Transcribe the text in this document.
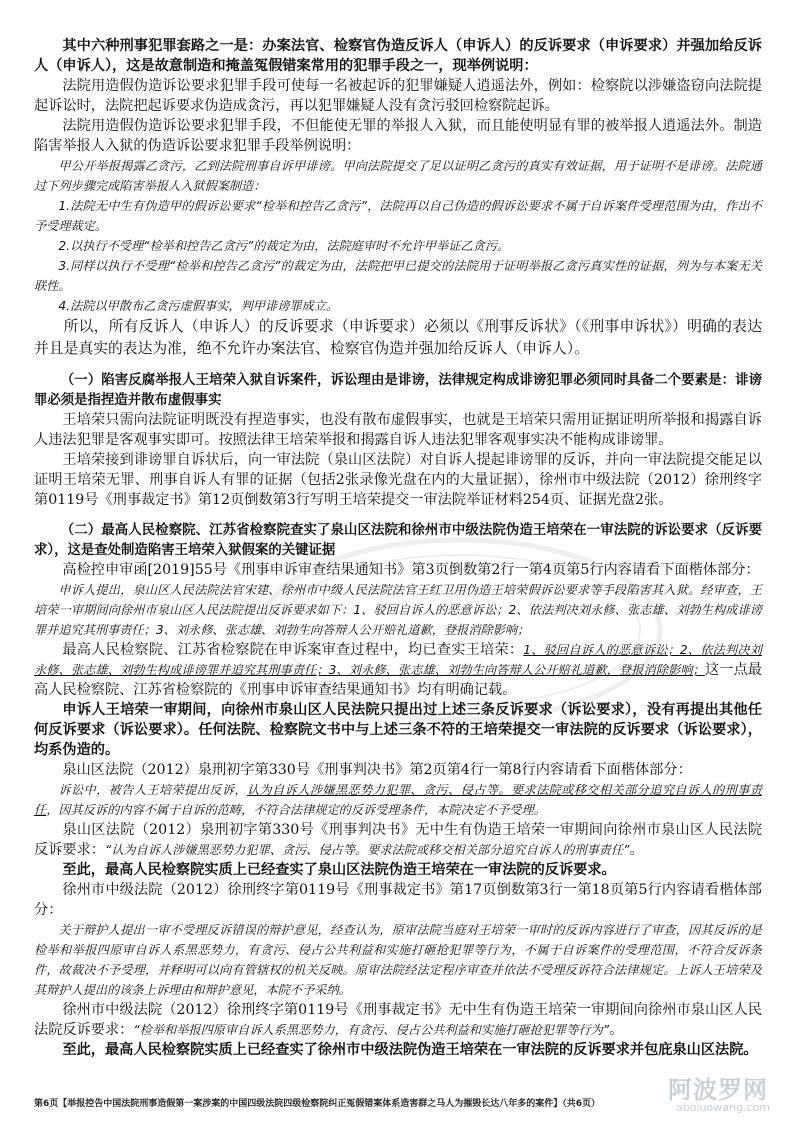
其中六种刑事犯罪套路之一是：办案法官、检察官伪造反诉人（申诉人）的反诉要求（申诉要求）并强加给反诉人（申诉人），这是故意制造和掩盖冤假错案常用的犯罪手段之一，现举例说明：

法院用造假伪造诉讼要求犯罪手段可使每一名被起诉的犯罪嫌疑人逍遥法外，例如：检察院以涉嫌盗窃向法院提起诉讼时，法院把起诉要求伪造成贪污，再以犯罪嫌疑人没有贪污驳回检察院起诉。

法院用造假伪造诉讼要求犯罪手段，不但能使无罪的举报人入狱，而且能使明显有罪的被举报人逍遥法外。制造陷害举报人入狱的伪造诉讼要求犯罪手段举例说明：

甲公开举报揭露乙贪污，乙到法院刑事自诉甲诽谤。甲向法院提交了足以证明乙贪污的真实有效证据，用于证明不是诽谤。法院通过下列步骤完成陷害举报人入狱假案制造：

1.法院无中生有伪造甲的假诉讼要求“检举和控告乙贪污”，法院再以自己伪造的假诉讼要求不属于自诉案件受理范围为由，作出不予受理裁定。

2.以执行不受理“检举和控告乙贪污”的裁定为由，法院庭审时不允许甲举证乙贪污。

3.同样以执行不受理“检举和控告乙贪污”的裁定为由，法院把甲已提交的法院用于证明举报乙贪污真实性的证据，列为与本案无关联性。

4.法院以甲散布乙贪污虚假事实，判甲诽谤罪成立。

所以，所有反诉人（申诉人）的反诉要求（申诉要求）必须以《刑事反诉状》（《刑事申诉状》）明确的表达并且是真实的表达为准，绝不允许办案法官、检察官伪造并强加给反诉人（申诉人）。

（一）陷害反腐举报人王培荣入狱自诉案件，诉讼理由是诽谤，法律规定构成诽谤犯罪必须同时具备二个要素是：诽谤罪必须是指捏造并散布虚假事实

王培荣只需向法院证明既没有捏造事实，也没有散布虚假事实，也就是王培荣只需用证据证明所举报和揭露自诉人违法犯罪是客观事实即可。按照法律王培荣举报和揭露自诉人违法犯罪客观事实决不能构成诽谤罪。

王培荣接到诽谤罪自诉状后，向一审法院（泉山区法院）对自诉人提起诽谤罪的反诉，并向一审法院提交能足以证明王培荣无罪、刑事自诉人有罪的证据（包括2张录像光盘在内的大量证据），徐州市中级法院（2012）徐刑终字第0119号《刑事裁定书》第12页倒数第3行写明王培荣提交一审法院举证材料254页、证据光盘2张。

（二）最高人民检察院、江苏省检察院查实了泉山区法院和徐州市中级法院伪造王培荣在一审法院的诉讼要求（反诉要求），这是查处制造陷害王培荣入狱假案的关键证据

高检控申审函[2019]55号《刑事申诉审查结果通知书》第3页倒数第2行一第4页第5行内容请看下面楷体部分：

申诉人提出，泉山区人民法院法官宋建、徐州市中级人民法院法官王红卫用伪造王培荣假诉讼要求等手段陷害其入狱。经审查，王培荣一审期间向徐州市泉山区人民法院提出反诉要求如下：1、驳回自诉人的恶意诉讼；2、依法判决刘永修、张志雄、刘勃生构成诽谤罪并追究其刑事责任；3、刘永修、张志雄、刘勃生向答辩人公开赔礼道歉，登报消除影响；

最高人民检察院、江苏省检察院在申诉案审查过程中，均已查实王培荣：1、驳回自诉人的恶意诉讼；2、依法判决刘永修、张志雄、刘勃生构成诽谤罪并追究其刑事责任；3、刘永修、张志雄、刘勃生向答辩人公开赔礼道歉，登报消除影响；这一点最高人民检察院、江苏省检察院的《刑事申诉审查结果通知书》均有明确记载。

申诉人王培荣一审期间，向徐州市泉山区人民法院只提出过上述三条反诉要求（诉讼要求），没有再提出其他任何反诉要求（诉讼要求）。任何法院、检察院文书中与上述三条不符的王培荣提交一审法院的反诉要求（诉讼要求），均系伪造的。

泉山区法院（2012）泉刑初字第330号《刑事判决书》第2页第4行一第8行内容请看下面楷体部分：

诉讼中，被告人王培荣提出反诉，认为自诉人涉嫌黑恶势力犯罪、贪污、侵占等。要求法院或移交相关部分追究自诉人的刑事责任，因其反诉的内容不属于自诉的范畴，不符合法律规定的反诉受理条件，本院决定不予受理。

泉山区法院（2012）泉刑初字第330号《刑事判决书》无中生有伪造王培荣一审期间向徐州市泉山区人民法院反诉要求：“认为自诉人涉嫌黑恶势力犯罪、贪污、侵占等。要求法院或移交相关部分追究自诉人的刑事责任”。

至此，最高人民检察院实质上已经查实了泉山区法院伪造王培荣在一审法院的反诉要求。

徐州市中级法院（2012）徐刑终字第0119号《刑事裁定书》第17页倒数第3行一第18页第5行内容请看楷体部分：

关于辩护人提出一审不受理反诉错误的辩护意见，经查认为，原审法院当庭对王培荣一审时的反诉内容进行了审查，因其反诉的是检举和举报四原审自诉人系黑恶势力，有贪污、侵占公共利益和实施打砸抢犯罪等行为，不属于自诉案件的受理范围，不符合反诉条件，故裁决不予受理，并释明可以向有管辖权的机关反映。原审法院经法定程序审查并依法不受理反诉符合法律规定。上诉人王培荣及其辩护人提出的该条上诉理由和辩护意见，本院不予采纳。

徐州市中级法院（2012）徐刑终字第0119号《刑事裁定书》无中生有伪造王培荣一审期间向徐州市泉山区人民法院反诉要求：“检举和举报四原审自诉人系黑恶势力，有贪污、侵占公共利益和实施打砸抢犯罪等行为”。

至此，最高人民检察院实质上已经查实了徐州市中级法院伪造王培荣在一审法院的反诉要求并包庇泉山区法院。

第6页【举报控告中国法院刑事造假第一案涉案的中国四级法院四级检察院纠正冤假错案体系造害群之马人为摧毁长达八年多的案件】（共6页）	阿波罗网
aboluowang.com
